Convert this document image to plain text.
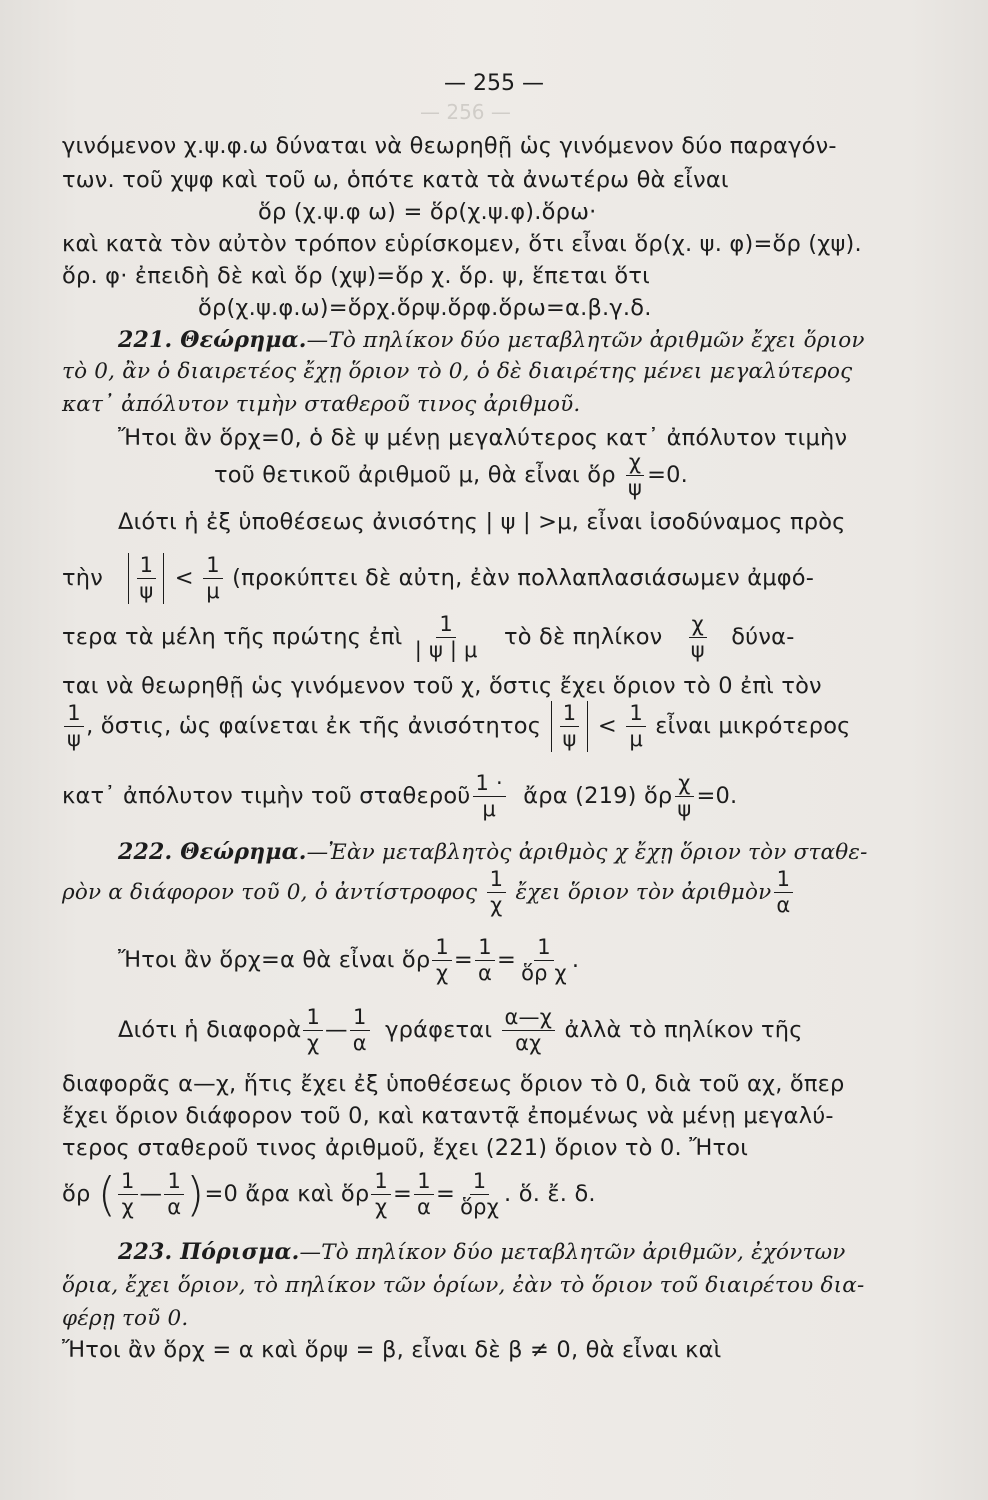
— 256 —
— 255 —
γινόμενον χ.ψ.φ.ω δύναται νὰ θεωρηθῇ ὡς γινόμενον δύο παραγόν-
των. τοῦ χψφ καὶ τοῦ ω, ὁπότε κατὰ τὰ ἀνωτέρω θὰ εἶναι
ὅρ (χ.ψ.φ ω) = ὅρ(χ.ψ.φ).ὅρω·
καὶ κατὰ τὸν αὐτὸν τρόπον εὑρίσκομεν, ὅτι εἶναι ὅρ(χ. ψ. φ)=ὅρ (χψ).
ὅρ. φ· ἐπειδὴ δὲ καὶ ὅρ (χψ)=ὅρ χ. ὅρ. ψ, ἕπεται ὅτι
ὅρ(χ.ψ.φ.ω)=ὅρχ.ὅρψ.ὅρφ.ὅρω=α.β.γ.δ.
221. Θεώρημα.—Τὸ πηλίκον δύο μεταβλητῶν ἀριθμῶν ἔχει ὅριον
τὸ 0, ἂν ὁ διαιρετέος ἔχῃ ὅριον τὸ 0, ὁ δὲ διαιρέτης μένει μεγαλύτερος
κατ᾽ ἀπόλυτον τιμὴν σταθεροῦ τινος ἀριθμοῦ.
Ἤτοι ἂν ὅρχ=0, ὁ δὲ ψ μένῃ μεγαλύτερος κατ᾽ ἀπόλυτον τιμὴν
τοῦ θετικοῦ ἀριθμοῦ μ, θὰ εἶναι ὅρ $\frac{\chi}{\psi} =0$.
Διότι ἡ ἐξ ὑποθέσεως ἀνισότης | ψ | >μ, εἶναι ἰσοδύναμος πρὸς
τὴν 1
$\psi < \frac{1}{\mu} (\pi\rho o\kappa ύ\pi\tau\varepsilon\iota$ δὲ αὐτη, ἐὰν πολλαπλασιάσωμεν ἀμφό-
τερα τὰ μέλη τῆς πρώτης ἐπὶ $\frac{1}{| \psi | \mu}$ τὸ δὲ πηλίκον $\frac{\chi}{\psi} \delta ύ\nu\alpha-$
ται νὰ θεωρηθῇ ὡς γινόμενον τοῦ χ, ὅστις ἔχει ὅριον τὸ 0 ἐπὶ τὸν
$\frac{1}{\psi}$ , ὅστις, ὡς φαίνεται ἐκ τῆς ἀνισότητος 1
$\psi < \frac{1}{\mu}$ εἶναι μικρότερος
κατ᾽ ἀπόλυτον τιμὴν τοῦ σταθεροῦ $\frac{1 \cdot}{\mu}$ ἄρα (219) ὅρ $\frac{\chi}{\psi} =0$.
222. Θεώρημα.—Ἐὰν μεταβλητὸς ἀριθμὸς χ ἔχῃ ὅριον τὸν σταθε-
ρὸν α διάφορον τοῦ 0, ὁ ἀντίστροφος $\frac{1}{\chi}$ ἔχει ὅριον τὸν ἀριθμὸν $\frac{1}{\alpha}$
Ἤτοι ἂν ὅρχ=α θὰ εἶναι ὅρ $\frac{1}{\chi} = \frac{1}{\alpha} = \frac{1}{\text{ὅρ χ}}$ .
Διότι ἡ διαφορὰ $\frac{1}{\chi}$ — $\frac{1}{\alpha}$ γράφεται $\frac{\alpha—\chi}{\alpha\chi}$ ἀλλὰ τὸ πηλίκον τῆς
διαφορᾶς α—χ, ἥτις ἔχει ἐξ ὑποθέσεως ὅριον τὸ 0, διὰ τοῦ αχ, ὅπερ
ἔχει ὅριον διάφορον τοῦ 0, καὶ καταντᾷ ἐπομένως νὰ μένῃ μεγαλύ-
τερος σταθεροῦ τινος ἀριθμοῦ, ἔχει (221) ὅριον τὸ 0. Ἤτοι
ὅρ ( $\frac{1}{\chi}$ — $\frac{1}{\alpha} )=0$ ἄρα καὶ ὅρ $\frac{1}{\chi} = \frac{1}{\alpha} = 1$
ὅρχ . ὅ. ἔ. δ.
223. Πόρισμα.—Τὸ πηλίκον δύο μεταβλητῶν ἀριθμῶν, ἐχόντων
ὅρια, ἔχει ὅριον, τὸ πηλίκον τῶν ὁρίων, ἐὰν τὸ ὅριον τοῦ διαιρέτου δια-
φέρῃ τοῦ 0.
Ἤτοι ἂν ὅρχ = α καὶ ὅρψ = β, εἶναι δὲ β ≠ 0, θὰ εἶναι καὶ
